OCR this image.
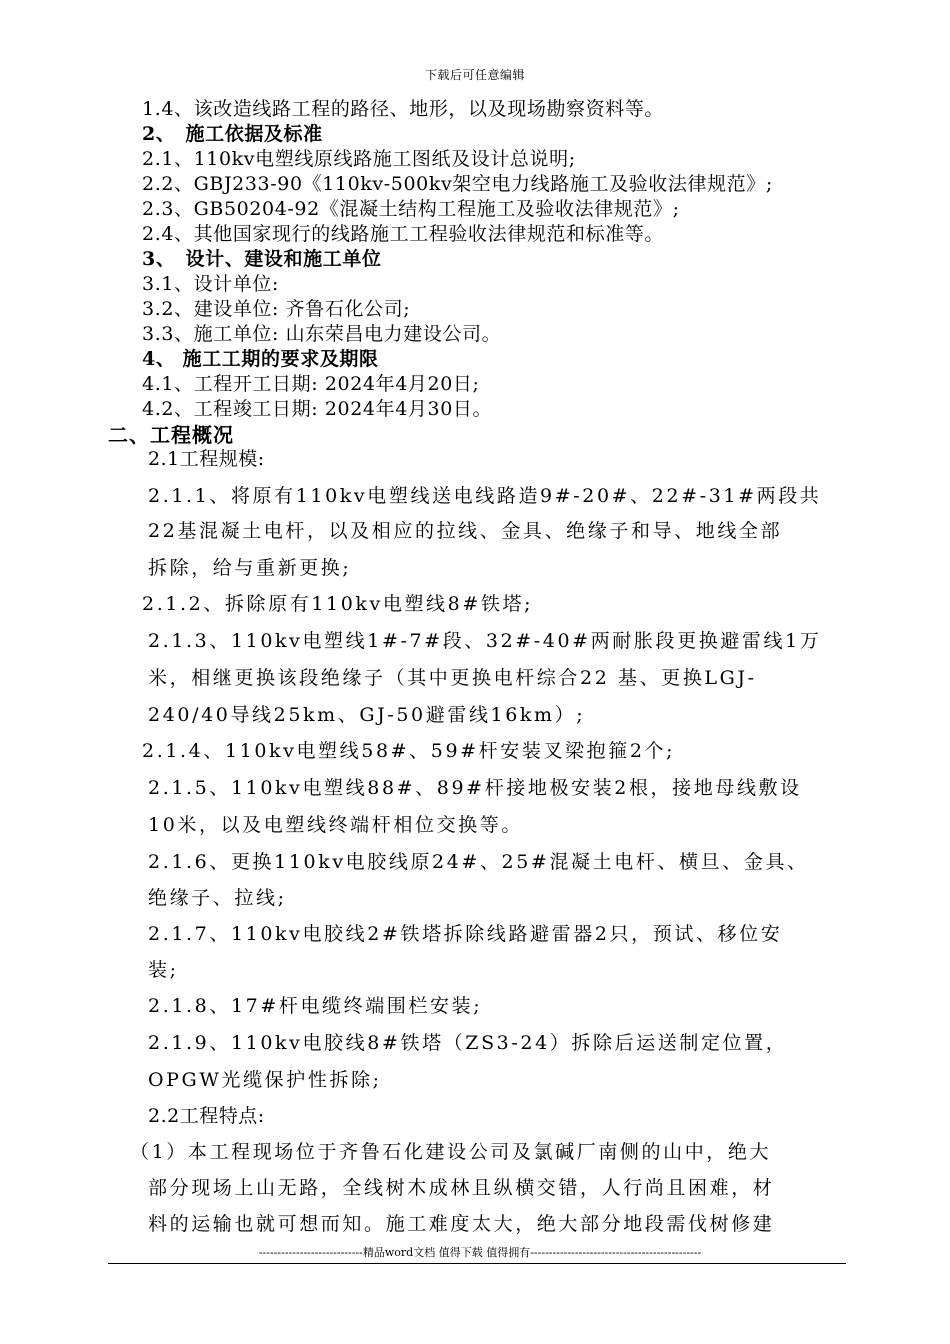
下载后可任意编辑
1.4、该改造线路工程的路径、地形，以及现场勘察资料等。
2、　施工依据及标准
2.1、110kv电塑线原线路施工图纸及设计总说明;
2.2、GBJ233-90《110kv-500kv架空电力线路施工及验收法律规范》;
2.3、GB50204-92《混凝土结构工程施工及验收法律规范》;
2.4、其他国家现行的线路施工工程验收法律规范和标准等。
3、　设计、建设和施工单位
3.1、设计单位:
3.2、建设单位: 齐鲁石化公司;
3.3、施工单位: 山东荣昌电力建设公司。
4、 施工工期的要求及期限
4.1、工程开工日期: 2024年4月20日;
4.2、工程竣工日期: 2024年4月30日。
二、工程概况
2.1工程规模:
2.1.1、将原有110kv电塑线送电线路造9#-20#、22#-31#两段共
22基混凝土电杆，以及相应的拉线、金具、绝缘子和导、地线全部
拆除，给与重新更换;
2.1.2、拆除原有110kv电塑线8#铁塔;
2.1.3、110kv电塑线1#-7#段、32#-40#两耐胀段更换避雷线1万
米，相继更换该段绝缘子（其中更换电杆综合22 基、更换LGJ-
240/40导线25km、GJ-50避雷线16km）;
2.1.4、110kv电塑线58#、59#杆安装叉梁抱箍2个;
2.1.5、110kv电塑线88#、89#杆接地极安装2根，接地母线敷设
10米，以及电塑线终端杆相位交换等。
2.1.6、更换110kv电胶线原24#、25#混凝土电杆、横旦、金具、
绝缘子、拉线;
2.1.7、110kv电胶线2#铁塔拆除线路避雷器2只，预试、移位安
装;
2.1.8、17#杆电缆终端围栏安装;
2.1.9、110kv电胶线8#铁塔（ZS3-24）拆除后运送制定位置，
OPGW光缆保护性拆除;
2.2工程特点:
（1）本工程现场位于齐鲁石化建设公司及氯碱厂南侧的山中，绝大
部分现场上山无路，全线树木成林且纵横交错，人行尚且困难，材
料的运输也就可想而知。施工难度太大，绝大部分地段需伐树修建
----------------------------精品word文档 值得下载 值得拥有----------------------------------------------
